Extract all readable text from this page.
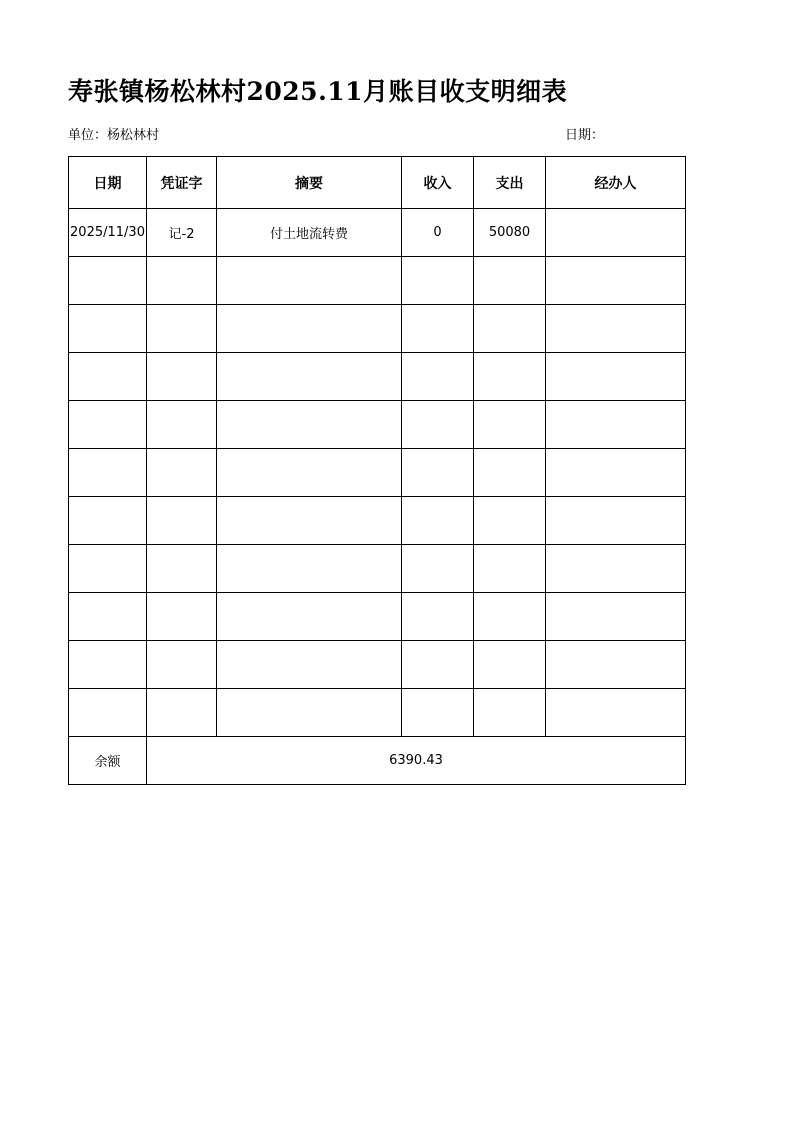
寿张镇杨松林村2025.11月账目收支明细表
单位：杨松林村	日期：
日期	凭证字	摘要	收入	支出	经办人
2025/11/30	记-2	付土地流转费	0	50080	

余额	6390.43				
